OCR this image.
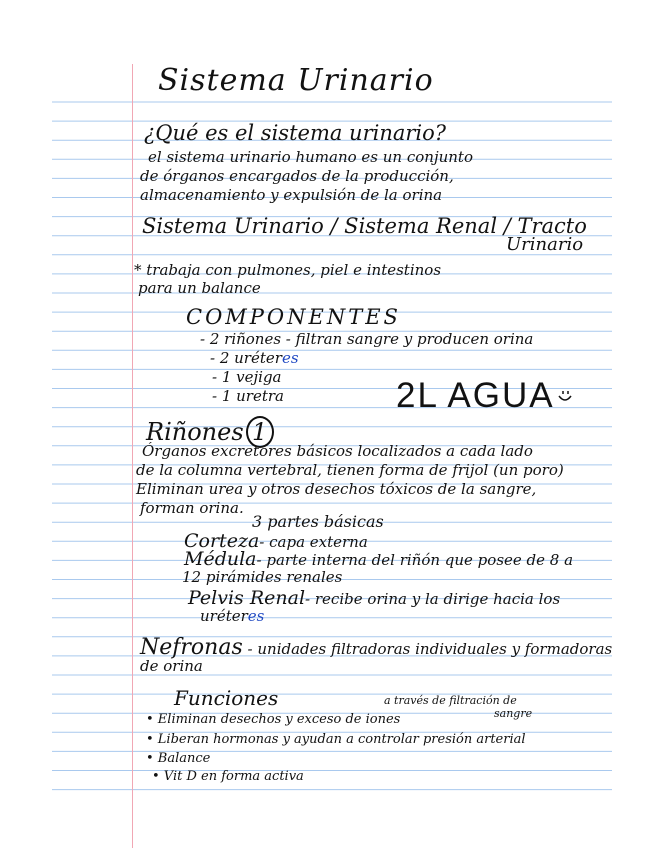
Sistema Urinario
¿Qué es el sistema urinario?
el sistema urinario humano es un conjunto
de órganos encargados de la producción,
almacenamiento y expulsión de la orina
Sistema Urinario / Sistema Renal / Tracto
Urinario
* trabaja con pulmones, piel e intestinos
para un balance
COMPONENTES
- 2 riñones - filtran sangre y producen orina
- 2 uréteres
- 1 vejiga
- 1 uretra	2L AGUA
Riñones 1
Órganos excretores básicos localizados a cada lado
de la columna vertebral, tienen forma de frijol (un poro)
Eliminan urea y otros desechos tóxicos de la sangre,
forman orina.
3 partes básicas
Corteza- capa externa
Médula- parte interna del riñón que posee de 8 a
12 pirámides renales
Pelvis Renal- recibe orina y la dirige hacia los
uréteres
Nefronas - unidades filtradoras individuales y formadoras
de orina
Funciones	a través de filtración de
sangre
• Eliminan desechos y exceso de iones
• Liberan hormonas y ayudan a controlar presión arterial
• Balance
• Vit D en forma activa
